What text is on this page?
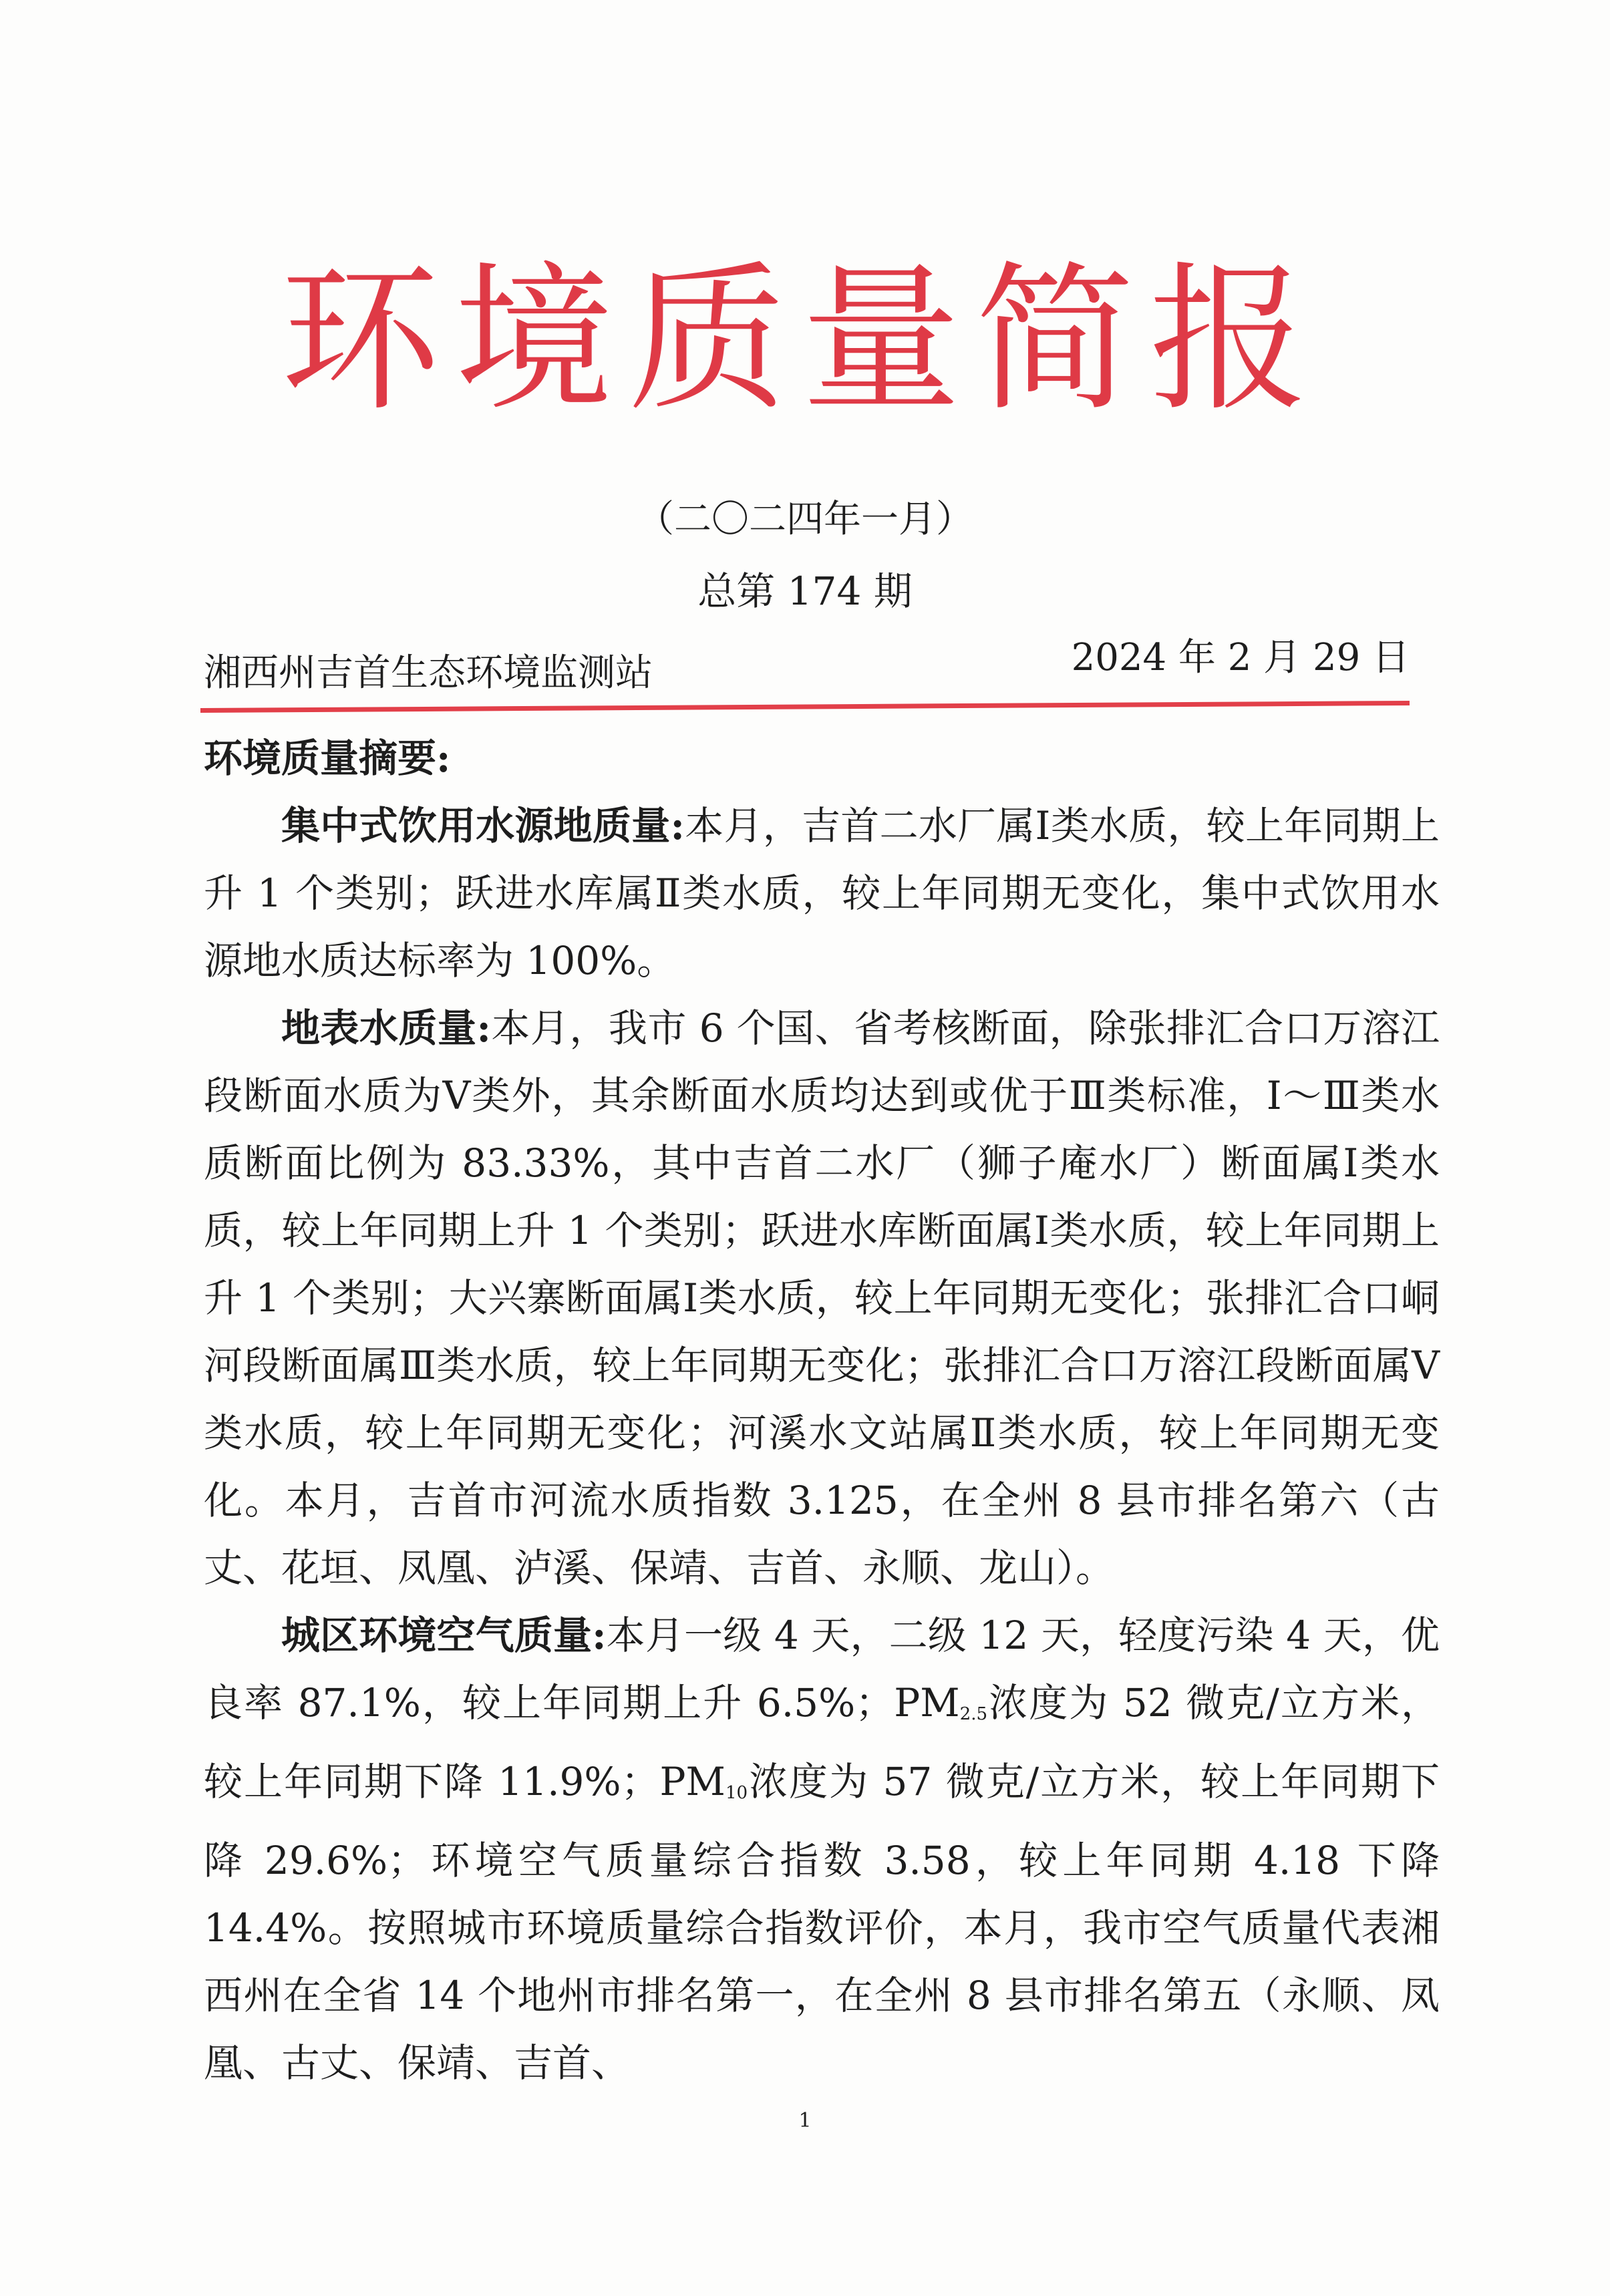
环境质量简报
（二〇二四年一月）
总第 174 期
湘西州吉首生态环境监测站	2024 年 2 月 29 日

环境质量摘要:

集中式饮用水源地质量:本月，吉首二水厂属Ⅰ类水质，较上年同期上升 1 个类别；跃进水库属Ⅱ类水质，较上年同期无变化，集中式饮用水源地水质达标率为 100%。

地表水质量:本月，我市 6 个国、省考核断面，除张排汇合口万溶江段断面水质为Ⅴ类外，其余断面水质均达到或优于Ⅲ类标准，Ⅰ～Ⅲ类水质断面比例为 83.33%，其中吉首二水厂（狮子庵水厂）断面属Ⅰ类水质，较上年同期上升 1 个类别；跃进水库断面属Ⅰ类水质，较上年同期上升 1 个类别；大兴寨断面属Ⅰ类水质，较上年同期无变化；张排汇合口峒河段断面属Ⅲ类水质，较上年同期无变化；张排汇合口万溶江段断面属Ⅴ类水质，较上年同期无变化；河溪水文站属Ⅱ类水质，较上年同期无变化。本月，吉首市河流水质指数 3.125，在全州 8 县市排名第六（古丈、花垣、凤凰、泸溪、保靖、吉首、永顺、龙山）。

城区环境空气质量:本月一级 4 天，二级 12 天，轻度污染 4 天，优良率 87.1%，较上年同期上升 6.5%；$PM_{2.5}$浓度为 52 微克/立方米，较上年同期下降 11.9%；$PM_{10}$浓度为 57 微克/立方米，较上年同期下降 29.6%；环境空气质量综合指数 3.58，较上年同期 4.18 下降 14.4%。按照城市环境质量综合指数评价，本月，我市空气质量代表湘西州在全省 14 个地州市排名第一，在全州 8 县市排名第五（永顺、凤凰、古丈、保靖、吉首、

1
